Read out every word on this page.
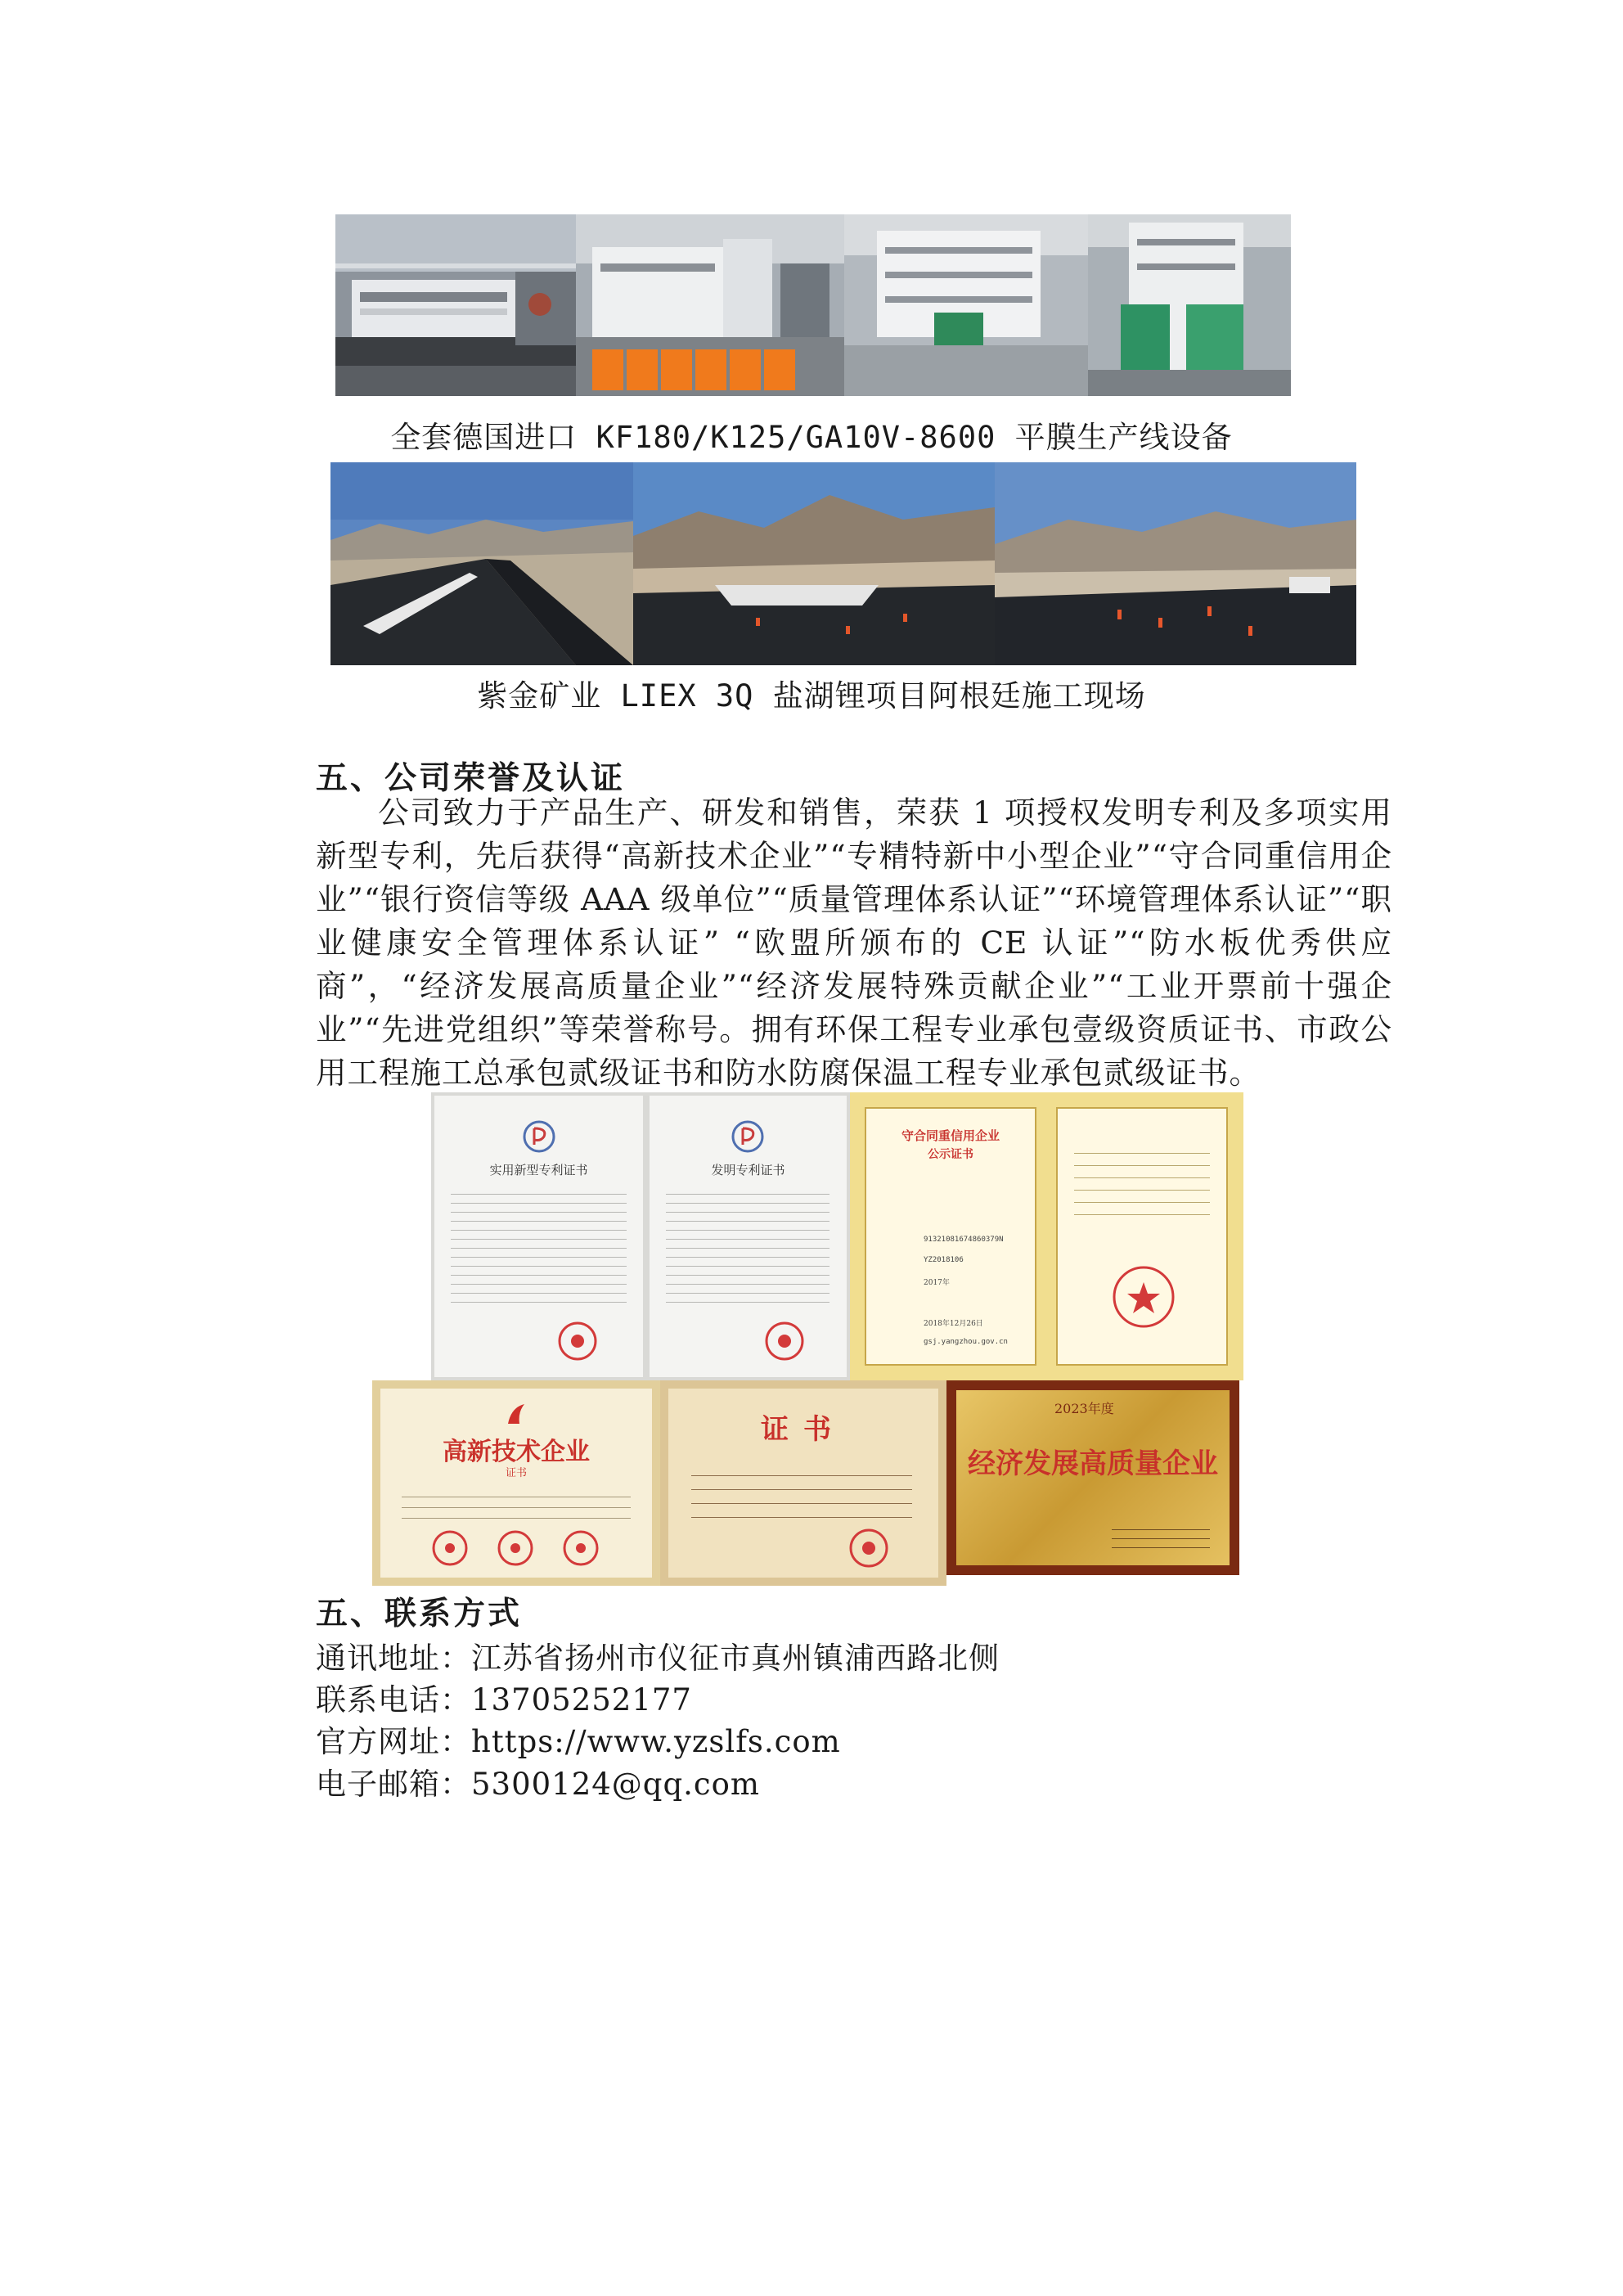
全套德国进口 KF180/K125/GA10V-8600 平膜生产线设备
紫金矿业 LIEX 3Q 盐湖锂项目阿根廷施工现场
五、公司荣誉及认证
公司致力于产品生产、研发和销售，荣获 1 项授权发明专利及多项实用新型专利，先后获得“高新技术企业”“专精特新中小型企业”“守合同重信用企业”“银行资信等级 AAA 级单位”“质量管理体系认证”“环境管理体系认证”“职业健康安全管理体系认证” “欧盟所颁布的 CE 认证”“防水板优秀供应商”，“经济发展高质量企业”“经济发展特殊贡献企业”“工业开票前十强企业”“先进党组织”等荣誉称号。拥有环保工程专业承包壹级资质证书、市政公用工程施工总承包贰级证书和防水防腐保温工程专业承包贰级证书。
实用新型专利证书	发明专利证书
守合同重信用企业
公示证书
91321081674860379N
YZ2018106
2017年
2018年12月26日
gsj.yangzhou.gov.cn
高新技术企业
证书
证书
2023年度
经济发展高质量企业
五、联系方式
通讯地址：江苏省扬州市仪征市真州镇浦西路北侧
联系电话：13705252177
官方网址：https://www.yzslfs.com
电子邮箱：5300124@qq.com
